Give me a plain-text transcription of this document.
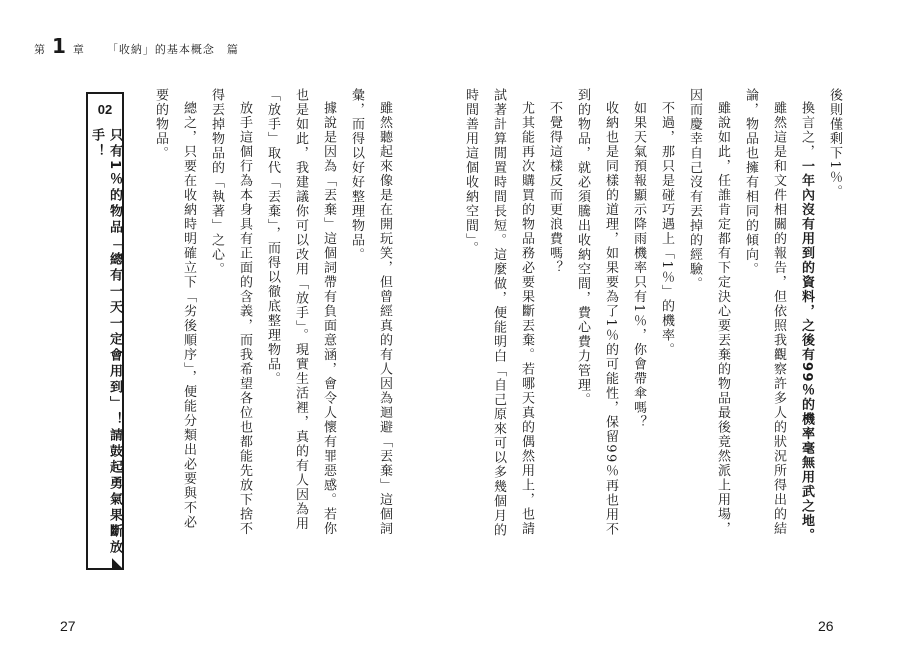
第 1 章 「收納」的基本概念　篇

後則僅剩下1％。

換言之，一年內沒有用到的資料，之後有99％的機率毫無用武之地。

雖然這是和文件相關的報告，但依照我觀察許多人的狀況所得出的結論，物品也擁有相同的傾向。

雖說如此，任誰肯定都有下定決心要丟棄的物品最後竟然派上用場，因而慶幸自己沒有丟掉的經驗。

不過，那只是碰巧遇上「1％」的機率。

如果天氣預報顯示降雨機率只有1％，你會帶傘嗎？

收納也是同樣的道理，如果要為了1％的可能性，保留99％再也用不到的物品，就必須騰出收納空間，費心費力管理。

不覺得這樣反而更浪費嗎？

尤其能再次購買的物品務必要果斷丟棄。若哪天真的偶然用上，也請試著計算閒置時間長短。這麼做，便能明白「自己原來可以多幾個月的時間善用這個收納空間」。

02
只有1％的物品「總有一天一定會用到」！請鼓起勇氣果斷放手！	雖然聽起來像是在開玩笑，但曾經真的有人因為迴避「丟棄」這個詞彙，而得以好好整理物品。

據說是因為「丟棄」這個詞帶有負面意涵，會令人懷有罪惡感。若你也是如此，我建議你可以改用「放手」。現實生活裡，真的有人因為用「放手」取代「丟棄」，而得以徹底整理物品。

放手這個行為本身具有正面的含義，而我希望各位也都能先放下捨不得丟掉物品的「執著」之心。

總之，只要在收納時明確立下「劣後順序」，便能分類出必要與不必要的物品。

27	26
